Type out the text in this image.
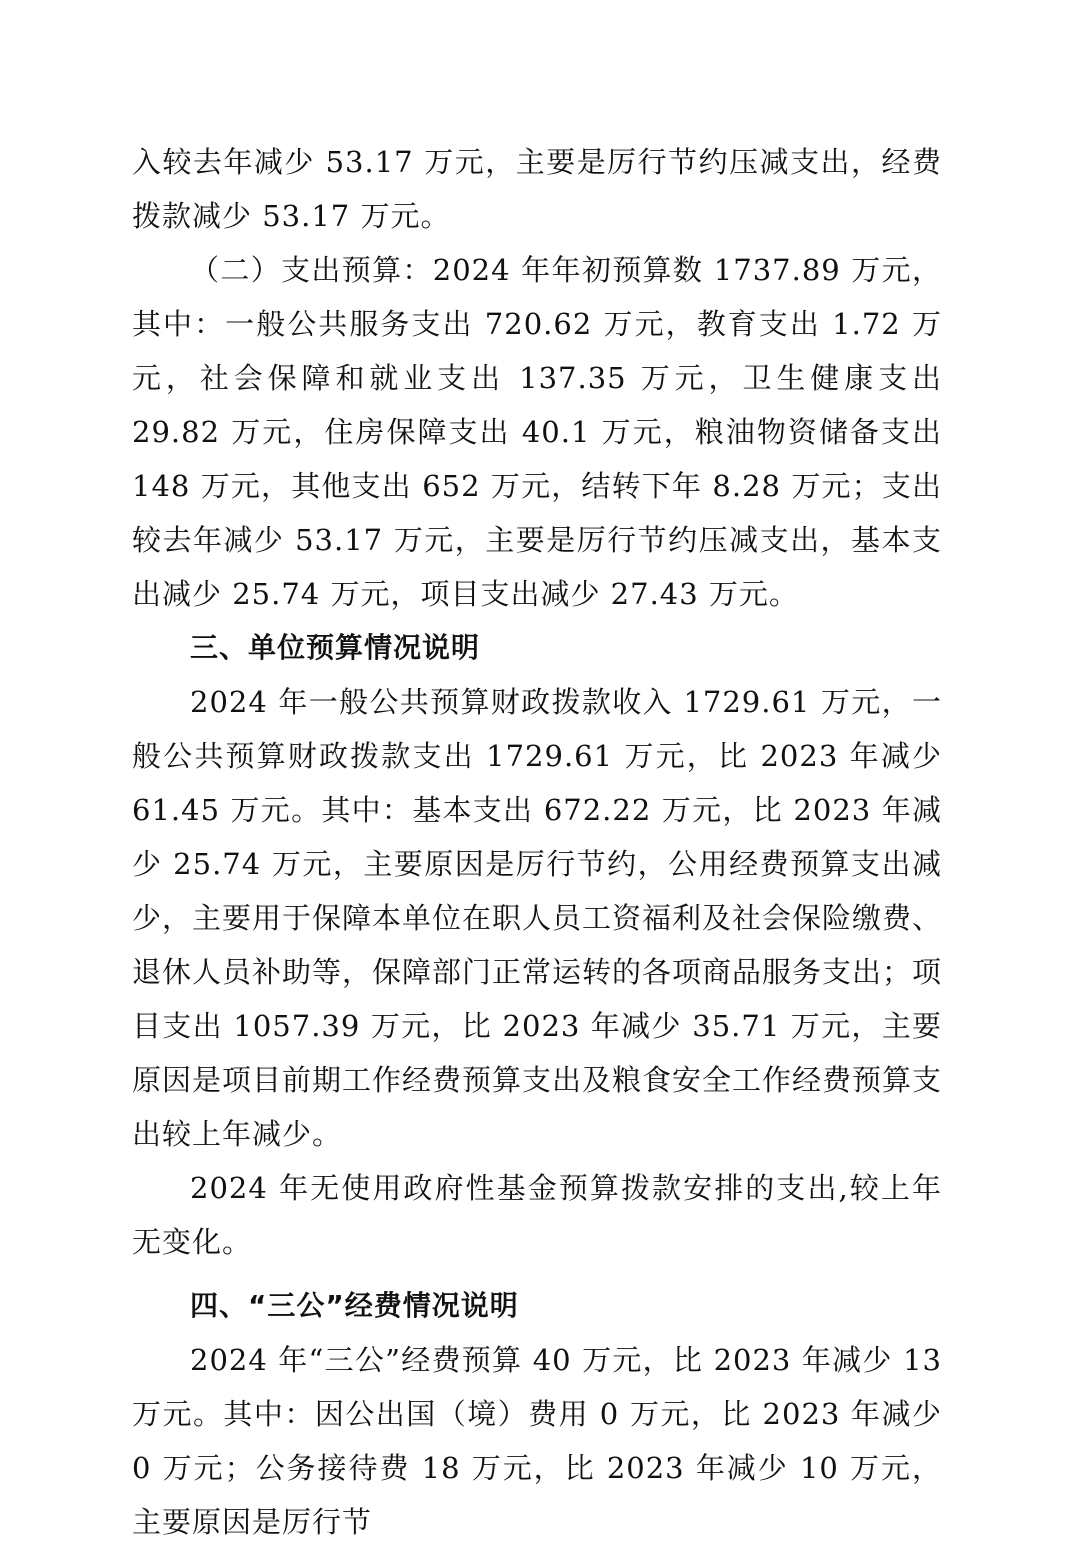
入较去年减少 53.17 万元，主要是厉行节约压减支出，经费拨款减少 53.17 万元。

（二）支出预算：2024 年年初预算数 1737.89 万元，其中：一般公共服务支出 720.62 万元，教育支出 1.72 万元，社会保障和就业支出 137.35 万元，卫生健康支出 29.82 万元，住房保障支出 40.1 万元，粮油物资储备支出 148 万元，其他支出 652 万元，结转下年 8.28 万元；支出较去年减少 53.17 万元，主要是厉行节约压减支出，基本支出减少 25.74 万元，项目支出减少 27.43 万元。

三、单位预算情况说明

2024 年一般公共预算财政拨款收入 1729.61 万元，一般公共预算财政拨款支出 1729.61 万元，比 2023 年减少 61.45 万元。其中：基本支出 672.22 万元，比 2023 年减少 25.74 万元，主要原因是厉行节约，公用经费预算支出减少，主要用于保障本单位在职人员工资福利及社会保险缴费、退休人员补助等，保障部门正常运转的各项商品服务支出；项目支出 1057.39 万元，比 2023 年减少 35.71 万元，主要原因是项目前期工作经费预算支出及粮食安全工作经费预算支出较上年减少。

2024 年无使用政府性基金预算拨款安排的支出,较上年无变化。

四、“三公”经费情况说明

2024 年“三公”经费预算 40 万元，比 2023 年减少 13 万元。其中：因公出国（境）费用 0 万元，比 2023 年减少 0 万元；公务接待费 18 万元，比 2023 年减少 10 万元，主要原因是厉行节
